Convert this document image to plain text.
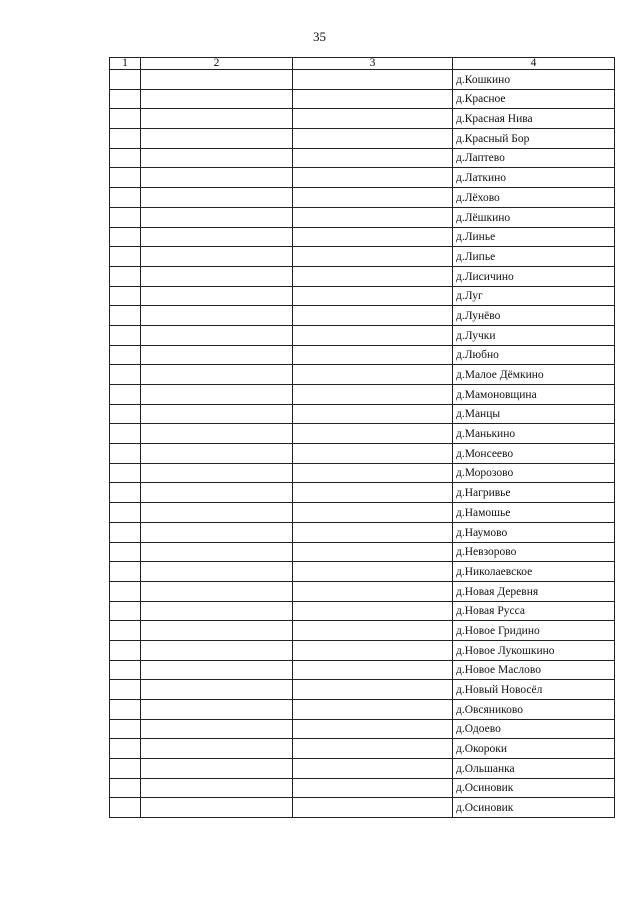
35
1	2	3	4
			д.Кошкино
			д.Красное
			д.Красная Нива
			д.Красный Бор
			д.Лаптево
			д.Латкино
			д.Лёхово
			д.Лёшкино
			д.Линье
			д.Липье
			д.Лисичино
			д.Луг
			д.Лунёво
			д.Лучки
			д.Любно
			д.Малое Дёмкино
			д.Мамоновщина
			д.Манцы
			д.Манькино
			д.Монсеево
			д.Морозово
			д.Нагривье
			д.Намошье
			д.Наумово
			д.Невзорово
			д.Николаевское
			д.Новая Деревня
			д.Новая Русса
			д.Новое Гридино
			д.Новое Лукошкино
			д.Новое Маслово
			д.Новый Новосёл
			д.Овсяниково
			д.Одоево
			д.Окороки
			д.Ольшанка
			д.Осиновик
			д.Осиновик
